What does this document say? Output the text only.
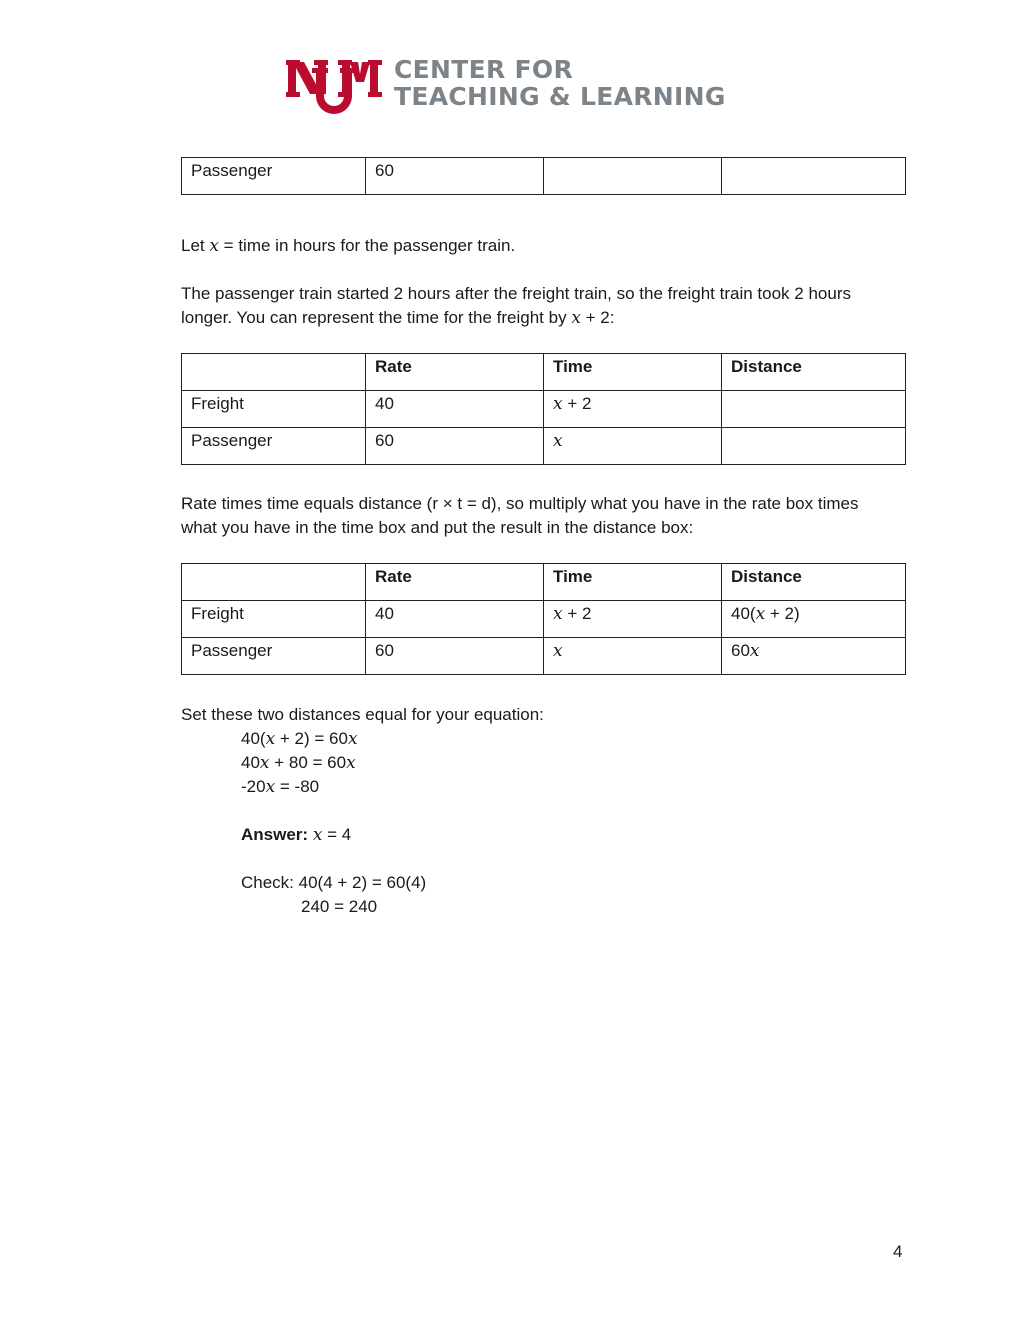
CENTER FOR
TEACHING & LEARNING
Passenger	60		
Let x = time in hours for the passenger train.
The passenger train started 2 hours after the freight train, so the freight train took 2 hours longer. You can represent the time for the freight by x + 2:
	Rate	Time	Distance
Freight	40	x + 2	
Passenger	60	x	
Rate times time equals distance (r × t = d), so multiply what you have in the rate box times what you have in the time box and put the result in the distance box:
	Rate	Time	Distance
Freight	40	x + 2	40(x + 2)
Passenger	60	x	60x
Set these two distances equal for your equation:
40(x + 2) = 60x
40x + 80 = 60x
-20x = -80
Answer: x = 4
Check: 40(4 + 2) = 60(4)
240 = 240
4
